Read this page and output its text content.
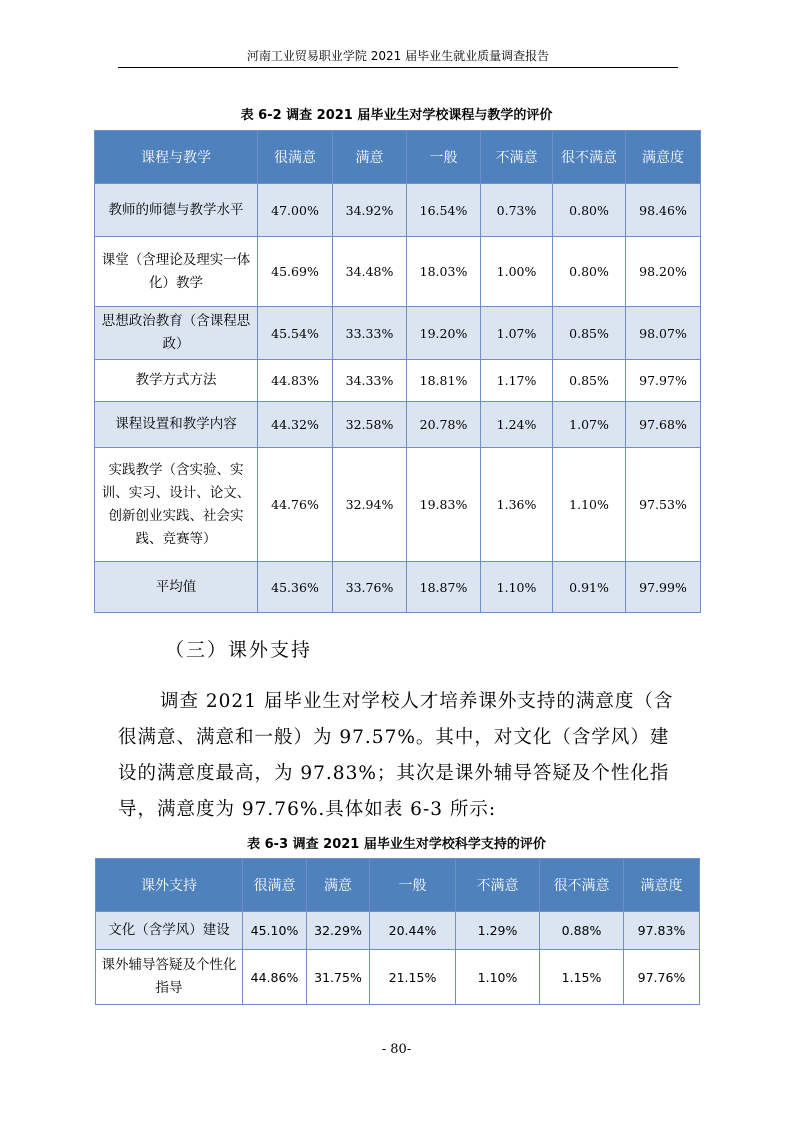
河南工业贸易职业学院 2021 届毕业生就业质量调查报告
表 6-2 调查 2021 届毕业生对学校课程与教学的评价
课程与教学	很满意	满意	一般	不满意	很不满意	满意度
教师的师德与教学水平	47.00%	34.92%	16.54%	0.73%	0.80%	98.46%
课堂（含理论及理实一体化）教学	45.69%	34.48%	18.03%	1.00%	0.80%	98.20%
思想政治教育（含课程思政）	45.54%	33.33%	19.20%	1.07%	0.85%	98.07%
教学方式方法	44.83%	34.33%	18.81%	1.17%	0.85%	97.97%
课程设置和教学内容	44.32%	32.58%	20.78%	1.24%	1.07%	97.68%
实践教学（含实验、实训、实习、设计、论文、创新创业实践、社会实践、竞赛等）	44.76%	32.94%	19.83%	1.36%	1.10%	97.53%
平均值	45.36%	33.76%	18.87%	1.10%	0.91%	97.99%
（三）课外支持
调查 2021 届毕业生对学校人才培养课外支持的满意度（含很满意、满意和一般）为 97.57%。其中，对文化（含学风）建设的满意度最高，为 97.83%；其次是课外辅导答疑及个性化指导，满意度为 97.76%.具体如表 6-3 所示:
表 6-3 调查 2021 届毕业生对学校科学支持的评价
课外支持	很满意	满意	一般	不满意	很不满意	满意度
文化（含学风）建设	45.10%	32.29%	20.44%	1.29%	0.88%	97.83%
课外辅导答疑及个性化指导	44.86%	31.75%	21.15%	1.10%	1.15%	97.76%
- 80-
